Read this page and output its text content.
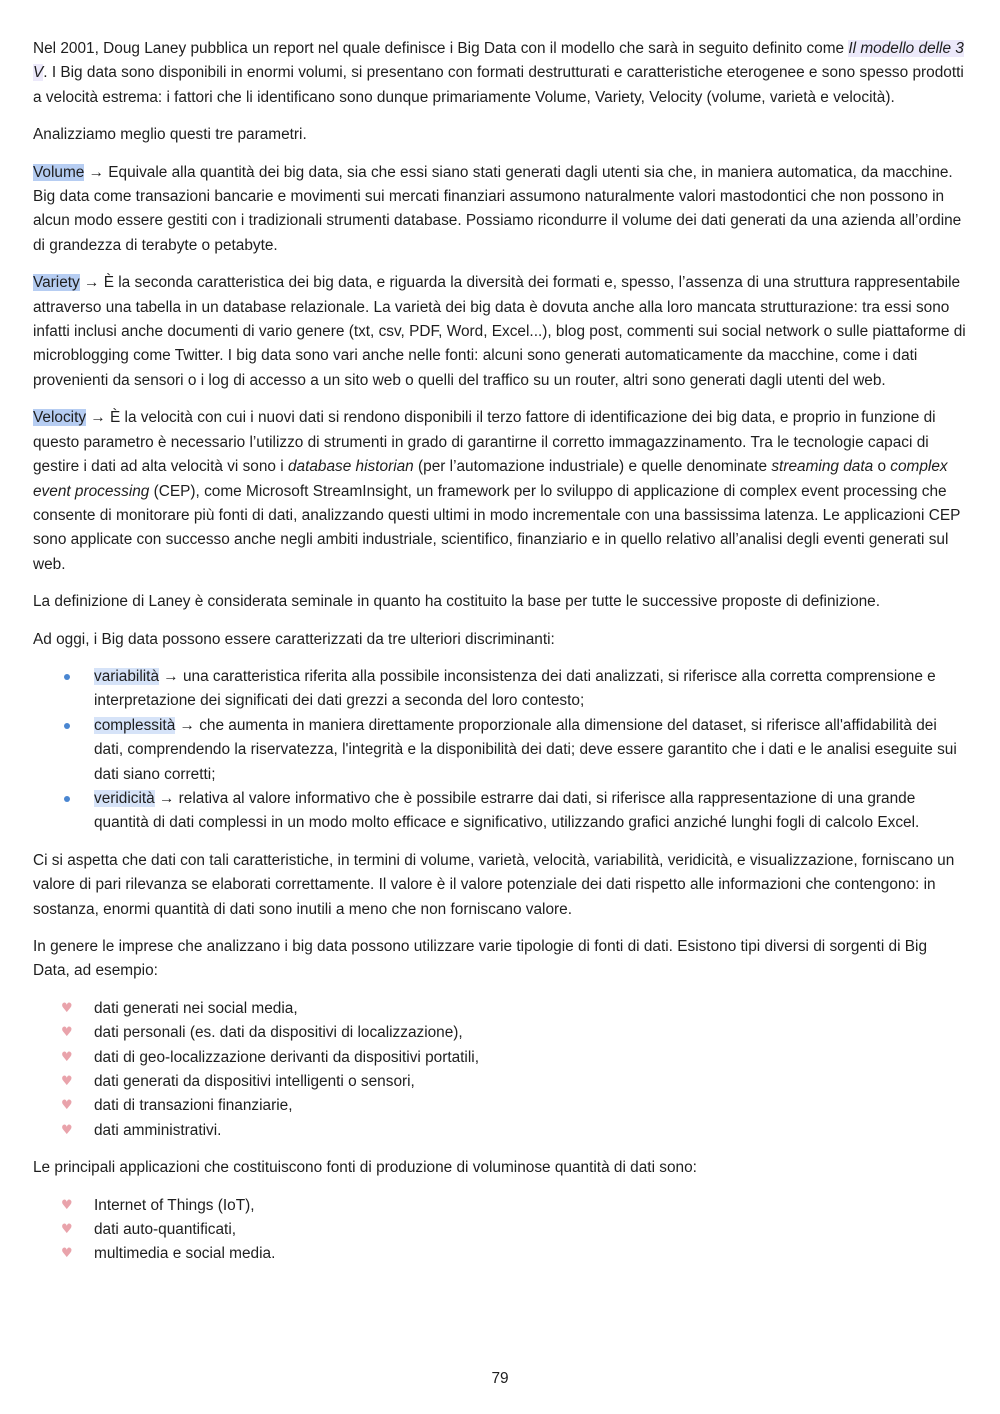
Nel 2001, Doug Laney pubblica un report nel quale definisce i Big Data con il modello che sarà in seguito definito come Il modello delle 3 V. I Big data sono disponibili in enormi volumi, si presentano con formati destrutturati e caratteristiche eterogenee e sono spesso prodotti a velocità estrema: i fattori che li identificano sono dunque primariamente Volume, Variety, Velocity (volume, varietà e velocità).

Analizziamo meglio questi tre parametri.

Volume → Equivale alla quantità dei big data, sia che essi siano stati generati dagli utenti sia che, in maniera automatica, da macchine. Big data come transazioni bancarie e movimenti sui mercati finanziari assumono naturalmente valori mastodontici che non possono in alcun modo essere gestiti con i tradizionali strumenti database. Possiamo ricondurre il volume dei dati generati da una azienda all’ordine di grandezza di terabyte o petabyte.

Variety → È la seconda caratteristica dei big data, e riguarda la diversità dei formati e, spesso, l’assenza di una struttura rappresentabile attraverso una tabella in un database relazionale. La varietà dei big data è dovuta anche alla loro mancata strutturazione: tra essi sono infatti inclusi anche documenti di vario genere (txt, csv, PDF, Word, Excel...), blog post, commenti sui social network o sulle piattaforme di microblogging come Twitter. I big data sono vari anche nelle fonti: alcuni sono generati automaticamente da macchine, come i dati provenienti da sensori o i log di accesso a un sito web o quelli del traffico su un router, altri sono generati dagli utenti del web.

Velocity → È la velocità con cui i nuovi dati si rendono disponibili il terzo fattore di identificazione dei big data, e proprio in funzione di questo parametro è necessario l’utilizzo di strumenti in grado di garantirne il corretto immagazzinamento. Tra le tecnologie capaci di gestire i dati ad alta velocità vi sono i database historian (per l’automazione industriale) e quelle denominate streaming data o complex event processing (CEP), come Microsoft StreamInsight, un framework per lo sviluppo di applicazione di complex event processing che consente di monitorare più fonti di dati, analizzando questi ultimi in modo incrementale con una bassissima latenza. Le applicazioni CEP sono applicate con successo anche negli ambiti industriale, scientifico, finanziario e in quello relativo all’analisi degli eventi generati sul web.

La definizione di Laney è considerata seminale in quanto ha costituito la base per tutte le successive proposte di definizione.

Ad oggi, i Big data possono essere caratterizzati da tre ulteriori discriminanti:

variabilità → una caratteristica riferita alla possibile inconsistenza dei dati analizzati, si riferisce alla corretta comprensione e interpretazione dei significati dei dati grezzi a seconda del loro contesto;
complessità → che aumenta in maniera direttamente proporzionale alla dimensione del dataset, si riferisce all'affidabilità dei dati, comprendendo la riservatezza, l'integrità e la disponibilità dei dati; deve essere garantito che i dati e le analisi eseguite sui dati siano corretti;
veridicità → relativa al valore informativo che è possibile estrarre dai dati, si riferisce alla rappresentazione di una grande quantità di dati complessi in un modo molto efficace e significativo, utilizzando grafici anziché lunghi fogli di calcolo Excel.

Ci si aspetta che dati con tali caratteristiche, in termini di volume, varietà, velocità, variabilità, veridicità, e visualizzazione, forniscano un valore di pari rilevanza se elaborati correttamente. Il valore è il valore potenziale dei dati rispetto alle informazioni che contengono: in sostanza, enormi quantità di dati sono inutili a meno che non forniscano valore.

In genere le imprese che analizzano i big data possono utilizzare varie tipologie di fonti di dati. Esistono tipi diversi di sorgenti di Big Data, ad esempio:

♥ dati generati nei social media,
♥ dati personali (es. dati da dispositivi di localizzazione),
♥ dati di geo-localizzazione derivanti da dispositivi portatili,
♥ dati generati da dispositivi intelligenti o sensori,
♥ dati di transazioni finanziarie,
♥ dati amministrativi.

Le principali applicazioni che costituiscono fonti di produzione di voluminose quantità di dati sono:

♥ Internet of Things (IoT),
♥ dati auto-quantificati,
♥ multimedia e social media.
79
